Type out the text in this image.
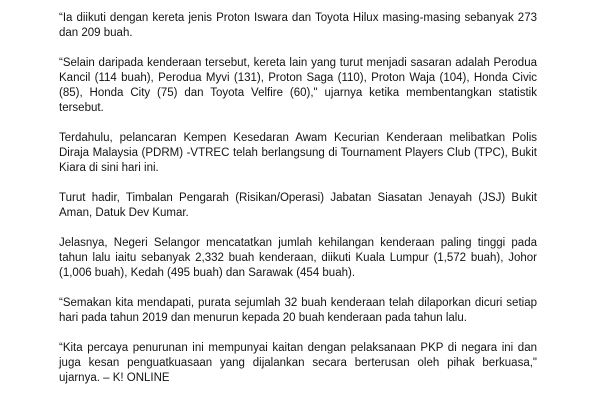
“Ia diikuti dengan kereta jenis Proton Iswara dan Toyota Hilux masing-masing sebanyak 273 dan 209 buah.

“Selain daripada kenderaan tersebut, kereta lain yang turut menjadi sasaran adalah Perodua Kancil (114 buah), Perodua Myvi (131), Proton Saga (110), Proton Waja (104), Honda Civic (85), Honda City (75) dan Toyota Velfire (60)," ujarnya ketika membentangkan statistik tersebut.

Terdahulu, pelancaran Kempen Kesedaran Awam Kecurian Kenderaan melibatkan Polis Diraja Malaysia (PDRM) -VTREC telah berlangsung di Tournament Players Club (TPC), Bukit Kiara di sini hari ini.

Turut hadir, Timbalan Pengarah (Risikan/Operasi) Jabatan Siasatan Jenayah (JSJ) Bukit Aman, Datuk Dev Kumar.

Jelasnya, Negeri Selangor mencatatkan jumlah kehilangan kenderaan paling tinggi pada tahun lalu iaitu sebanyak 2,332 buah kenderaan, diikuti Kuala Lumpur (1,572 buah), Johor (1,006 buah), Kedah (495 buah) dan Sarawak (454 buah).

“Semakan kita mendapati, purata sejumlah 32 buah kenderaan telah dilaporkan dicuri setiap hari pada tahun 2019 dan menurun kepada 20 buah kenderaan pada tahun lalu.

“Kita percaya penurunan ini mempunyai kaitan dengan pelaksanaan PKP di negara ini dan juga kesan penguatkuasaan yang dijalankan secara berterusan oleh pihak berkuasa," ujarnya. – K! ONLINE
